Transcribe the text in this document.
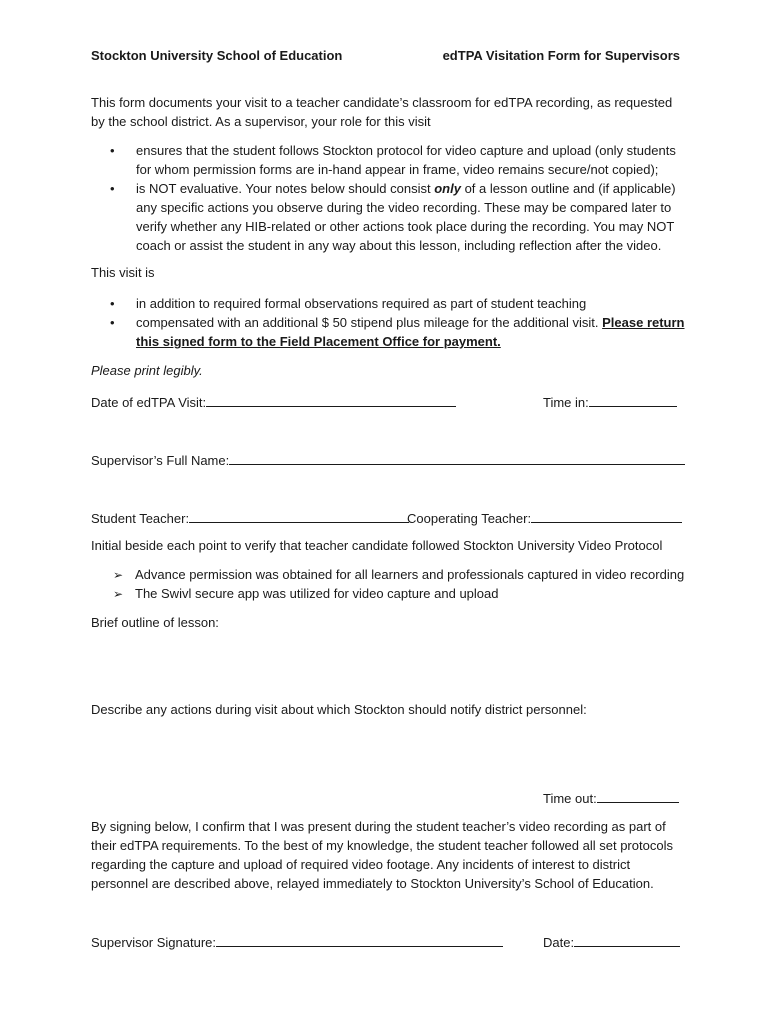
Stockton University School of Education	edTPA Visitation Form for Supervisors
This form documents your visit to a teacher candidate’s classroom for edTPA recording, as requested by the school district. As a supervisor, your role for this visit
• ensures that the student follows Stockton protocol for video capture and upload (only students for whom permission forms are in-hand appear in frame, video remains secure/not copied);
• is NOT evaluative. Your notes below should consist only of a lesson outline and (if applicable) any specific actions you observe during the video recording. These may be compared later to verify whether any HIB-related or other actions took place during the recording. You may NOT coach or assist the student in any way about this lesson, including reflection after the video.
This visit is
• in addition to required formal observations required as part of student teaching
• compensated with an additional $ 50 stipend plus mileage for the additional visit. Please return this signed form to the Field Placement Office for payment.
Please print legibly.
Date of edTPA Visit:	Time in:
Supervisor’s Full Name:
Student Teacher:	Cooperating Teacher:
Initial beside each point to verify that teacher candidate followed Stockton University Video Protocol
➢ Advance permission was obtained for all learners and professionals captured in video recording
➢ The Swivl secure app was utilized for video capture and upload
Brief outline of lesson:
Describe any actions during visit about which Stockton should notify district personnel:
Time out:
By signing below, I confirm that I was present during the student teacher’s video recording as part of their edTPA requirements. To the best of my knowledge, the student teacher followed all set protocols regarding the capture and upload of required video footage. Any incidents of interest to district personnel are described above, relayed immediately to Stockton University’s School of Education.
Supervisor Signature:	Date:
